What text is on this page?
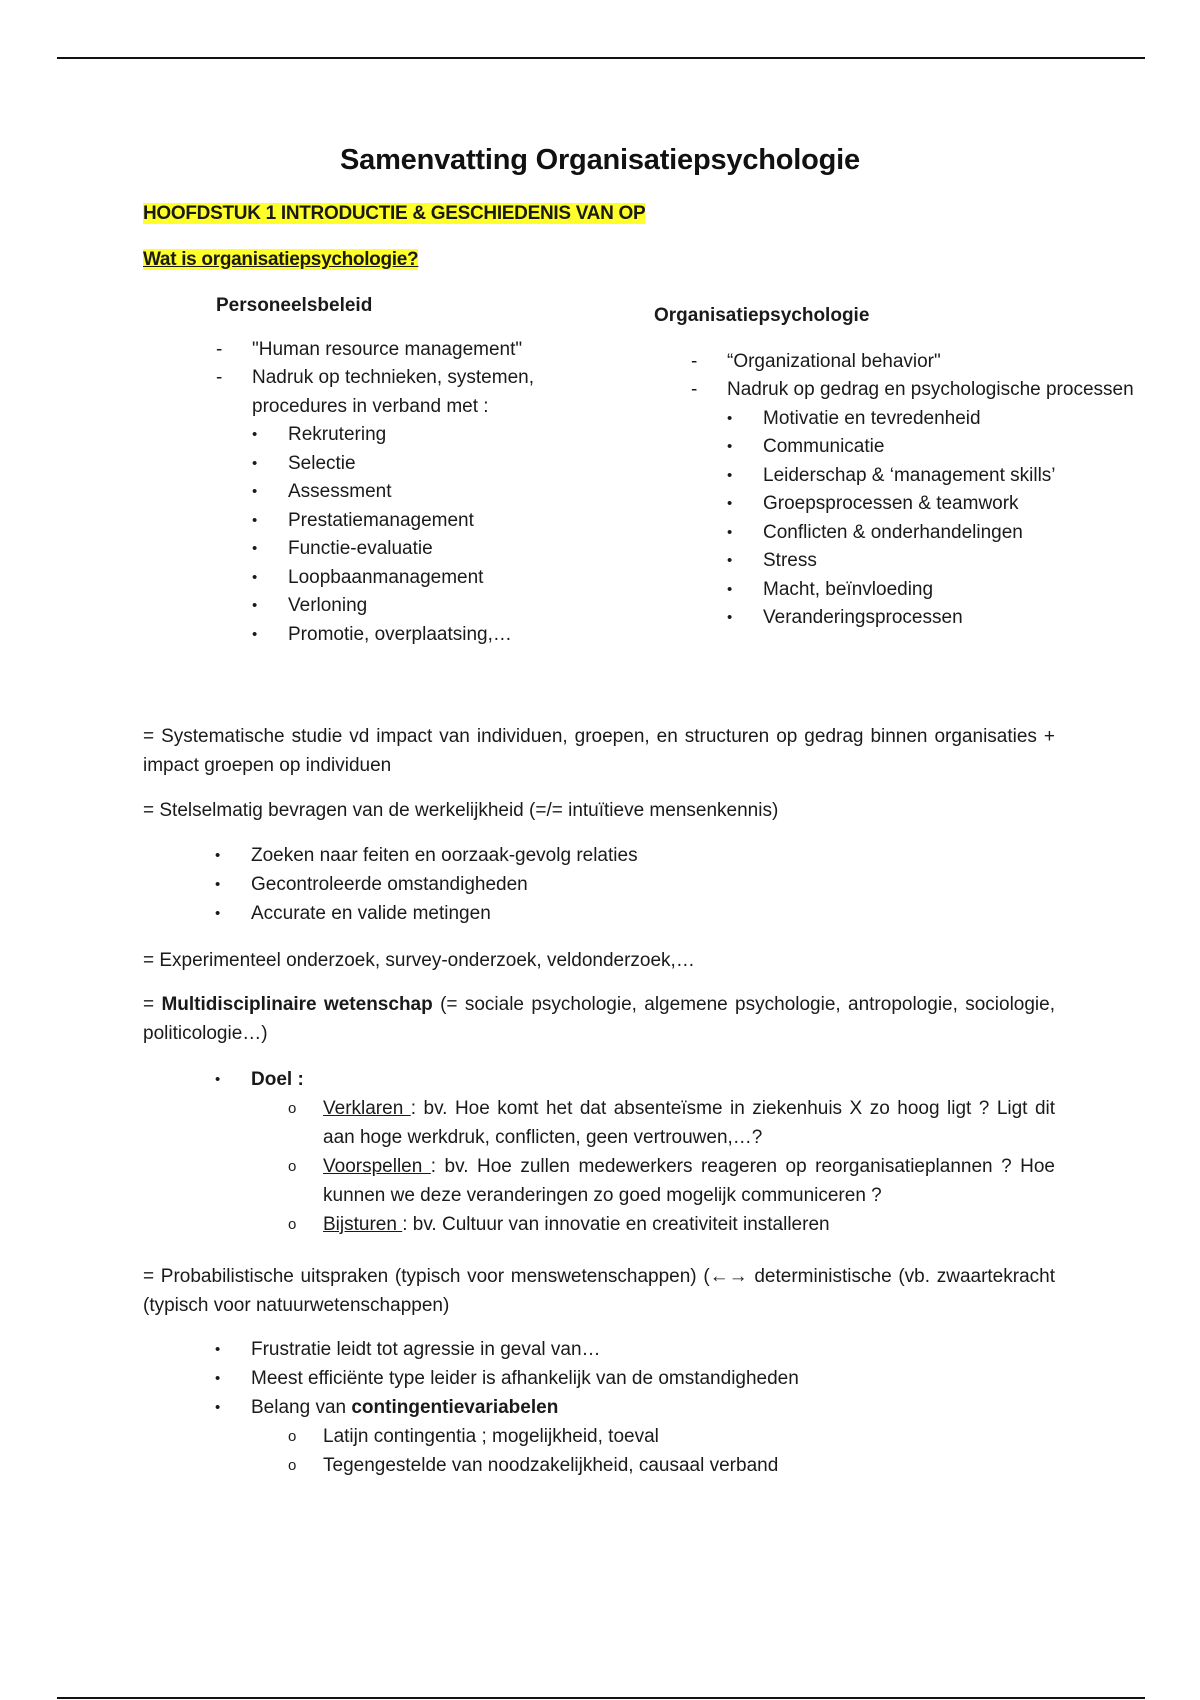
Samenvatting Organisatiepsychologie
HOOFDSTUK 1 INTRODUCTIE & GESCHIEDENIS VAN OP
Wat is organisatiepsychologie?
Personeelsbeleid
- "Human resource management"
- Nadruk op technieken, systemen, procedures in verband met :
• Rekrutering
• Selectie
• Assessment
• Prestatiemanagement
• Functie-evaluatie
• Loopbaanmanagement
• Verloning
• Promotie, overplaatsing,…
Organisatiepsychologie
- “Organizational behavior"
- Nadruk op gedrag en psychologische processen
• Motivatie en tevredenheid
• Communicatie
• Leiderschap & ‘management skills’
• Groepsprocessen & teamwork
• Conflicten & onderhandelingen
• Stress
• Macht, beïnvloeding
• Veranderingsprocessen
= Systematische studie vd impact van individuen, groepen, en structuren op gedrag binnen organisaties + impact groepen op individuen
= Stelselmatig bevragen van de werkelijkheid (=/= intuïtieve mensenkennis)
• Zoeken naar feiten en oorzaak-gevolg relaties
• Gecontroleerde omstandigheden
• Accurate en valide metingen
= Experimenteel onderzoek, survey-onderzoek, veldonderzoek,…
= Multidisciplinaire wetenschap (= sociale psychologie, algemene psychologie, antropologie, sociologie, politicologie…)
• Doel :
o Verklaren : bv. Hoe komt het dat absenteïsme in ziekenhuis X zo hoog ligt ? Ligt dit aan hoge werkdruk, conflicten, geen vertrouwen,…?
o Voorspellen : bv. Hoe zullen medewerkers reageren op reorganisatieplannen ? Hoe kunnen we deze veranderingen zo goed mogelijk communiceren ?
o Bijsturen : bv. Cultuur van innovatie en creativiteit installeren
= Probabilistische uitspraken (typisch voor menswetenschappen) (←→ deterministische (vb. zwaartekracht (typisch voor natuurwetenschappen)
• Frustratie leidt tot agressie in geval van…
• Meest efficiënte type leider is afhankelijk van de omstandigheden
• Belang van contingentievariabelen
o Latijn contingentia ; mogelijkheid, toeval
o Tegengestelde van noodzakelijkheid, causaal verband
